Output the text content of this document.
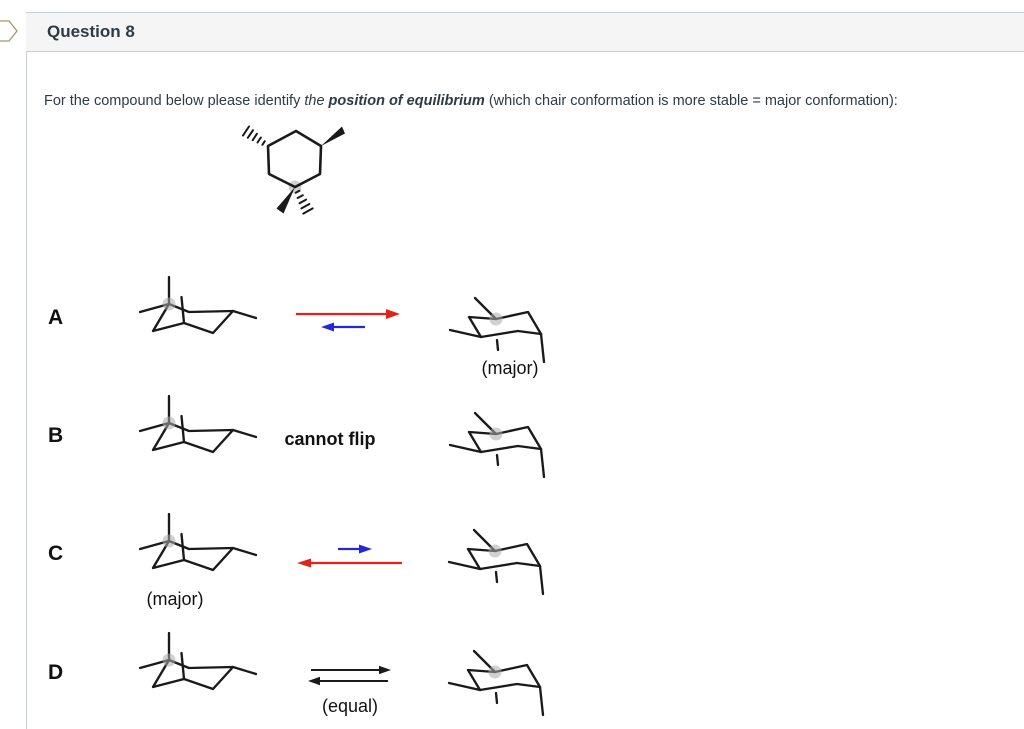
Question 8

For the compound below please identify the position of equilibrium (which chair conformation is more stable = major conformation):

A
(major)
B	cannot flip
C
(major)
D
(equal)
